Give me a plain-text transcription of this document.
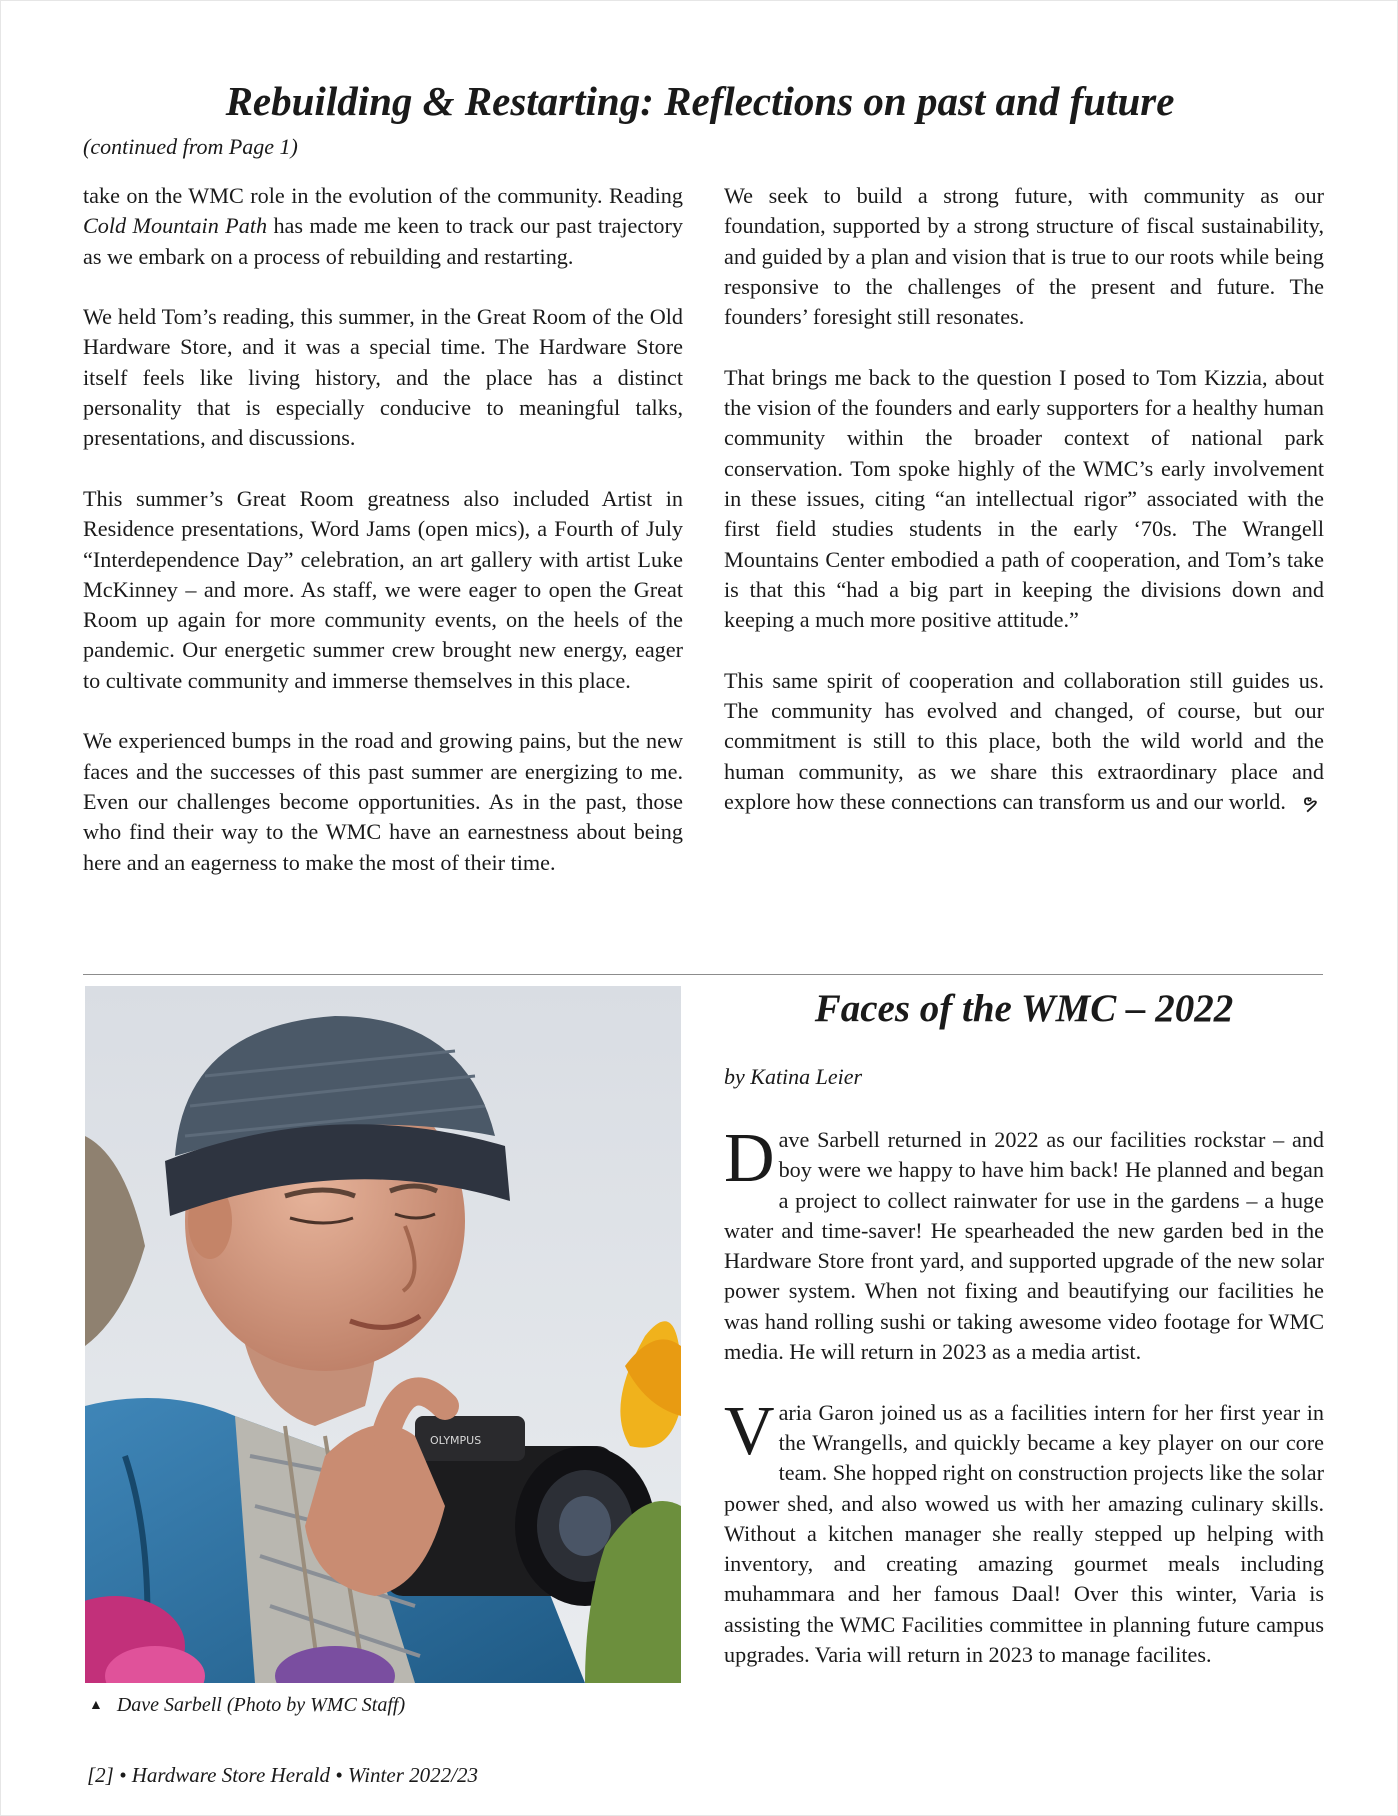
Rebuilding & Restarting: Reflections on past and future
(continued from Page 1)

take on the WMC role in the evolution of the community. Reading Cold Mountain Path has made me keen to track our past trajectory as we embark on a process of rebuilding and restarting.

We held Tom’s reading, this summer, in the Great Room of the Old Hardware Store, and it was a special time. The Hardware Store itself feels like living history, and the place has a distinct personality that is especially conducive to meaningful talks, presentations, and discussions.

This summer’s Great Room greatness also included Artist in Residence presentations, Word Jams (open mics), a Fourth of July “Interdependence Day” celebration, an art gallery with artist Luke McKinney – and more. As staff, we were eager to open the Great Room up again for more community events, on the heels of the pandemic. Our energetic summer crew brought new energy, eager to cultivate community and immerse themselves in this place.

We experienced bumps in the road and growing pains, but the new faces and the successes of this past summer are energizing to me. Even our challenges become opportunities. As in the past, those who find their way to the WMC have an earnestness about being here and an eagerness to make the most of their time.

We seek to build a strong future, with community as our foundation, supported by a strong structure of fiscal sustainability, and guided by a plan and vision that is true to our roots while being responsive to the challenges of the present and future. The founders’ foresight still resonates.

That brings me back to the question I posed to Tom Kizzia, about the vision of the founders and early supporters for a healthy human community within the broader context of national park conservation. Tom spoke highly of the WMC’s early involvement in these issues, citing “an intellectual rigor” associated with the first field studies students in the early ‘70s. The Wrangell Mountains Center embodied a path of cooperation, and Tom’s take is that this “had a big part in keeping the divisions down and keeping a much more positive attitude.”

This same spirit of cooperation and collaboration still guides us. The community has evolved and changed, of course, but our commitment is still to this place, both the wild world and the human community, as we share this extraordinary place and explore how these connections can transform us and our world. ຯ

OLYMPUS
▲ Dave Sarbell (Photo by WMC Staff)
Faces of the WMC – 2022
by Katina Leier

Dave Sarbell returned in 2022 as our facilities rockstar – and boy were we happy to have him back! He planned and began a project to collect rainwater for use in the gardens – a huge water and time-saver! He spearheaded the new garden bed in the Hardware Store front yard, and supported upgrade of the new solar power system. When not fixing and beautifying our facilities he was hand rolling sushi or taking awesome video footage for WMC media. He will return in 2023 as a media artist.

Varia Garon joined us as a facilities intern for her first year in the Wrangells, and quickly became a key player on our core team. She hopped right on construction projects like the solar power shed, and also wowed us with her amazing culinary skills. Without a kitchen manager she really stepped up helping with inventory, and creating amazing gourmet meals including muhammara and her famous Daal! Over this winter, Varia is assisting the WMC Facilities committee in planning future campus upgrades. Varia will return in 2023 to manage facilites.

[2] • Hardware Store Herald • Winter 2022/23
